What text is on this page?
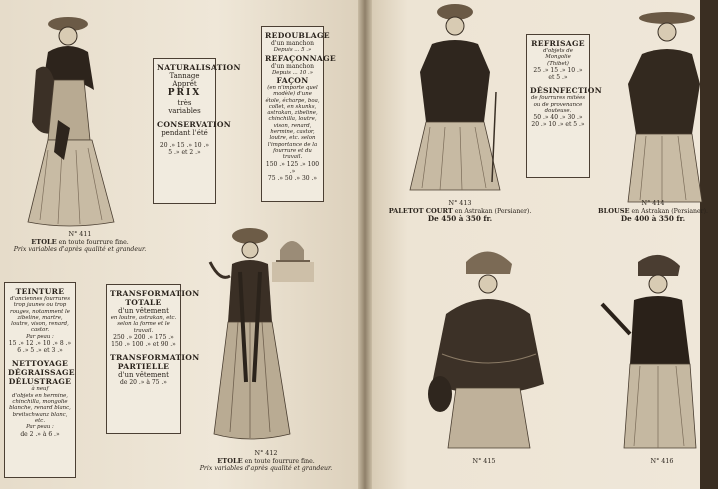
N° 411
ETOLE en toute fourrure fine.
Prix variables d'après qualité et grandeur.
NATURALISATION
Tannage
Apprêt
PRIX
très
variables
CONSERVATION
pendant l'été
20 .» 15 .» 10 .»
5 .» et 2 .»
REDOUBLAGE
d'un manchon
Depuis ... 5 .»
REFAÇONNAGE
d'un manchon
Depuis ... 10 .»
FAÇON
(en n'importe quel modèle) d'une étole, écharpe, boa, collet, en skunks, astrakan, zibeline, chinchilla, loutre, vison, renard, hermine, castor, loutre, etc. selon l'importance de la fourrure et du travail.
150 .» 125 .» 100 .»
75 .» 50 .» 30 .»
TEINTURE
d'anciennes fourrures trop jaunes ou trop rouges, notamment le zibeline, martre, loutre, vison, renard, castor.
Par peau :
15 .» 12 .» 10 .» 8 .»
6 .» 5 .» et 3 .»
NETTOYAGE
DÉGRAISSAGE
DÉLUSTRAGE
à neuf
d'objets en hermine, chinchilla, mongolie blanche, renard blanc, breitschwanz blanc, etc.
Par peau :
de 2 .» à 6 .»
TRANSFORMATION
TOTALE
d'un vêtement
en loutre, astrakan, etc. selon la forme et le travail.
250 .» 200 .» 175 .»
150 .» 100 .» et 90 .»
TRANSFORMATION
PARTIELLE
d'un vêtement
de 20 .» à 75 .»
N° 412
ETOLE en toute fourrure fine.
Prix variables d'après qualité et grandeur.
N° 413
PALETOT COURT en Astrakan (Persianer).
De 450 à 350 fr.
REFRISAGE
d'objets de Mongolie
(Thibet)
25 .» 15 .» 10 .»
et 5 .»
DÉSINFECTION
de fourrures mitées ou de provenance douteuse.
50 .» 40 .» 30 .»
20 .» 10 .» et 5 .»
N° 414
BLOUSE en Astrakan (Persianer).
De 400 à 350 fr.
N° 415	N° 416
